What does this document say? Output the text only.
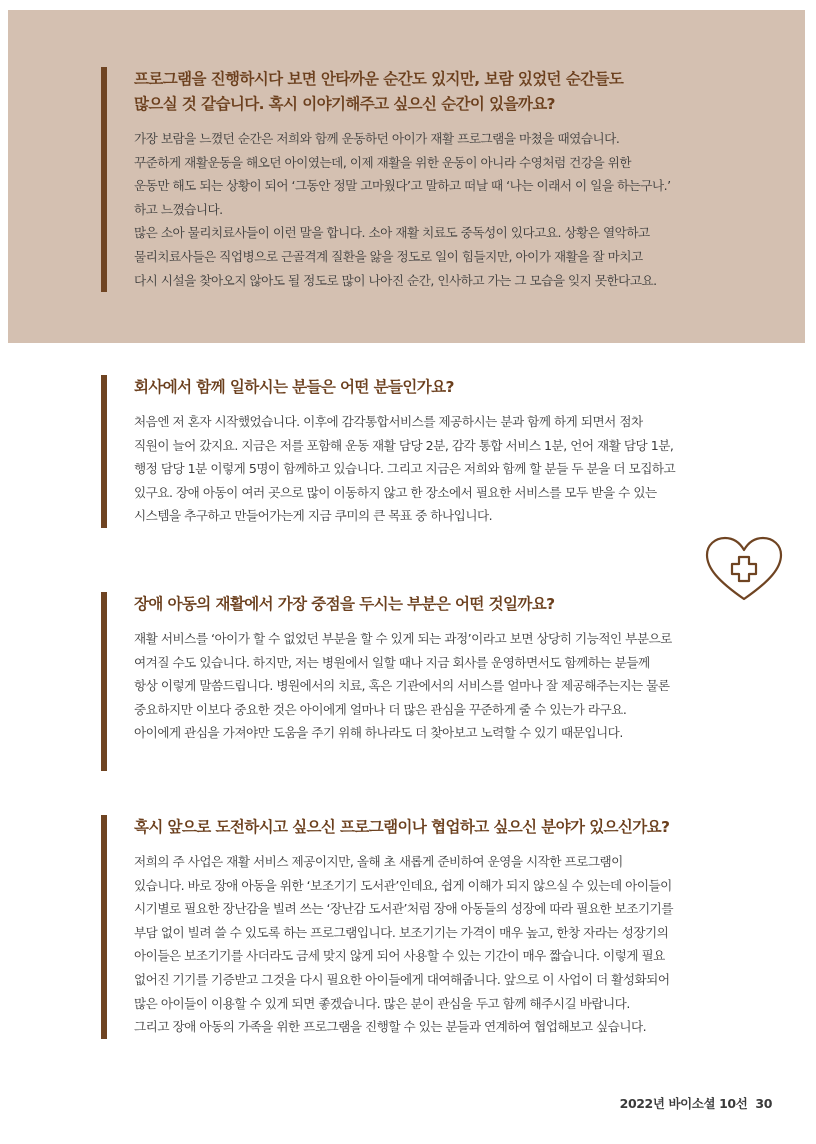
프로그램을 진행하시다 보면 안타까운 순간도 있지만, 보람 있었던 순간들도
많으실 것 같습니다. 혹시 이야기해주고 싶으신 순간이 있을까요?

가장 보람을 느꼈던 순간은 저희와 함께 운동하던 아이가 재활 프로그램을 마쳤을 때였습니다.
꾸준하게 재활운동을 해오던 아이였는데, 이제 재활을 위한 운동이 아니라 수영처럼 건강을 위한
운동만 해도 되는 상황이 되어 ‘그동안 정말 고마웠다’고 말하고 떠날 때 ‘나는 이래서 이 일을 하는구나.’
하고 느꼈습니다.
많은 소아 물리치료사들이 이런 말을 합니다. 소아 재활 치료도 중독성이 있다고요. 상황은 열악하고
물리치료사들은 직업병으로 근골격계 질환을 앓을 정도로 일이 힘들지만, 아이가 재활을 잘 마치고
다시 시설을 찾아오지 않아도 될 정도로 많이 나아진 순간, 인사하고 가는 그 모습을 잊지 못한다고요.

회사에서 함께 일하시는 분들은 어떤 분들인가요?

처음엔 저 혼자 시작했었습니다. 이후에 감각통합서비스를 제공하시는 분과 함께 하게 되면서 점차
직원이 늘어 갔지요. 지금은 저를 포함해 운동 재활 담당 2분, 감각 통합 서비스 1분, 언어 재활 담당 1분,
행정 담당 1분 이렇게 5명이 함께하고 있습니다. 그리고 지금은 저희와 함께 할 분들 두 분을 더 모집하고
있구요. 장애 아동이 여러 곳으로 많이 이동하지 않고 한 장소에서 필요한 서비스를 모두 받을 수 있는
시스템을 추구하고 만들어가는게 지금 쿠미의 큰 목표 중 하나입니다.

장애 아동의 재활에서 가장 중점을 두시는 부분은 어떤 것일까요?

재활 서비스를 ‘아이가 할 수 없었던 부분을 할 수 있게 되는 과정’이라고 보면 상당히 기능적인 부분으로
여겨질 수도 있습니다. 하지만, 저는 병원에서 일할 때나 지금 회사를 운영하면서도 함께하는 분들께
항상 이렇게 말씀드립니다. 병원에서의 치료, 혹은 기관에서의 서비스를 얼마나 잘 제공해주는지는 물론
중요하지만 이보다 중요한 것은 아이에게 얼마나 더 많은 관심을 꾸준하게 줄 수 있는가 라구요.
아이에게 관심을 가져야만 도움을 주기 위해 하나라도 더 찾아보고 노력할 수 있기 때문입니다.

혹시 앞으로 도전하시고 싶으신 프로그램이나 협업하고 싶으신 분야가 있으신가요?

저희의 주 사업은 재활 서비스 제공이지만, 올해 초 새롭게 준비하여 운영을 시작한 프로그램이
있습니다. 바로 장애 아동을 위한 ‘보조기기 도서관’인데요, 쉽게 이해가 되지 않으실 수 있는데 아이들이
시기별로 필요한 장난감을 빌려 쓰는 ‘장난감 도서관’처럼 장애 아동들의 성장에 따라 필요한 보조기기를
부담 없이 빌려 쓸 수 있도록 하는 프로그램입니다. 보조기기는 가격이 매우 높고, 한창 자라는 성장기의
아이들은 보조기기를 사더라도 금세 맞지 않게 되어 사용할 수 있는 기간이 매우 짧습니다. 이렇게 필요
없어진 기기를 기증받고 그것을 다시 필요한 아이들에게 대여해줍니다. 앞으로 이 사업이 더 활성화되어
많은 아이들이 이용할 수 있게 되면 좋겠습니다. 많은 분이 관심을 두고 함께 해주시길 바랍니다.
그리고 장애 아동의 가족을 위한 프로그램을 진행할 수 있는 분들과 연계하여 협업해보고 싶습니다.

2022년 바이소셜 10선 30
